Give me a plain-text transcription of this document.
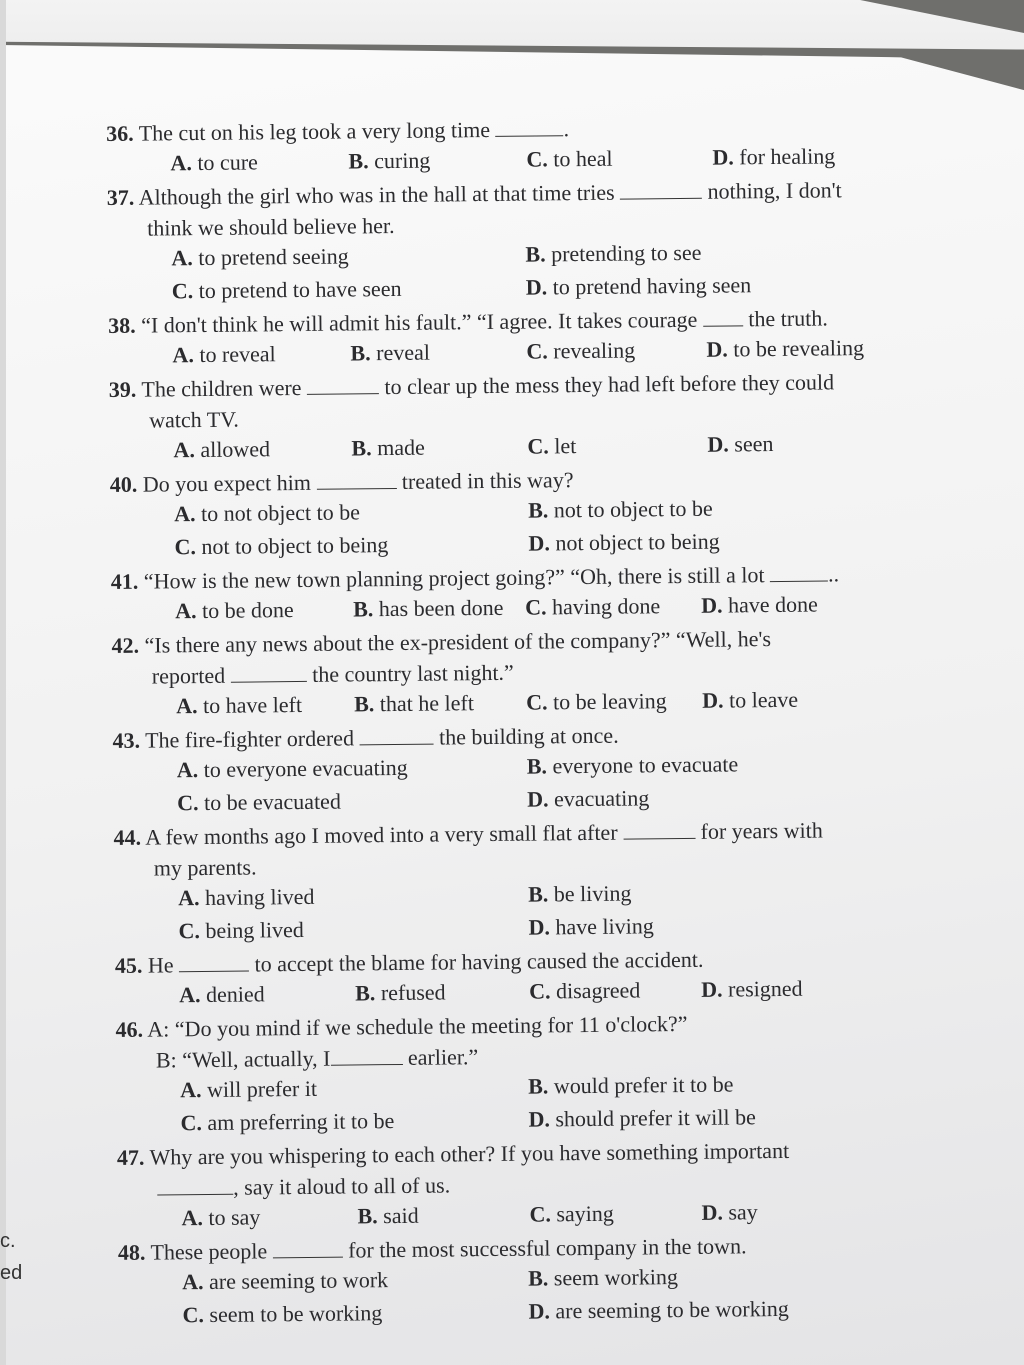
c.
ed
36. The cut on his leg took a very long time	.
A. to cure	B. curing	C. to heal	D. for healing
37. Although the girl who was in the hall at that time tries	nothing, I don't
think we should believe her.
A. to pretend seeing	B. pretending to see
C. to pretend to have seen	D. to pretend having seen
38. “I don't think he will admit his fault.” “I agree. It takes courage the truth.
A. to reveal	B. reveal	C. revealing	D. to be revealing
39. The children were	to clear up the mess they had left before they could
watch TV.
A. allowed	B. made	C. let	D. seen
40. Do you expect him	treated in this way?
A. to not object to be	B. not to object to be
C. not to object to being	D. not object to being
41. “How is the new town planning project going?” “Oh, there is still a lot	..
A. to be done	B. has been done C. having done D. have done
42. “Is there any news about the ex-president of the company?” “Well, he's
reported	the country last night.”
A. to have left B. that he left C. to be leaving D. to leave
43. The fire-fighter ordered	the building at once.
A. to everyone evacuating	B. everyone to evacuate
C. to be evacuated	D. evacuating
44. A few months ago I moved into a very small flat after	for years with
my parents.
A. having lived	B. be living
C. being lived	D. have living
45. He	to accept the blame for having caused the accident.
A. denied	B. refused	C. disagreed	D. resigned
46. A: “Do you mind if we schedule the meeting for 11 o'clock?”
B: “Well, actually, I	earlier.”
A. will prefer it	B. would prefer it to be
C. am preferring it to be	D. should prefer it will be
47. Why are you whispering to each other? If you have something important
, say it aloud to all of us.
A. to say	B. said	C. saying	D. say
48. These people	for the most successful company in the town.
A. are seeming to work	B. seem working
C. seem to be working	D. are seeming to be working
